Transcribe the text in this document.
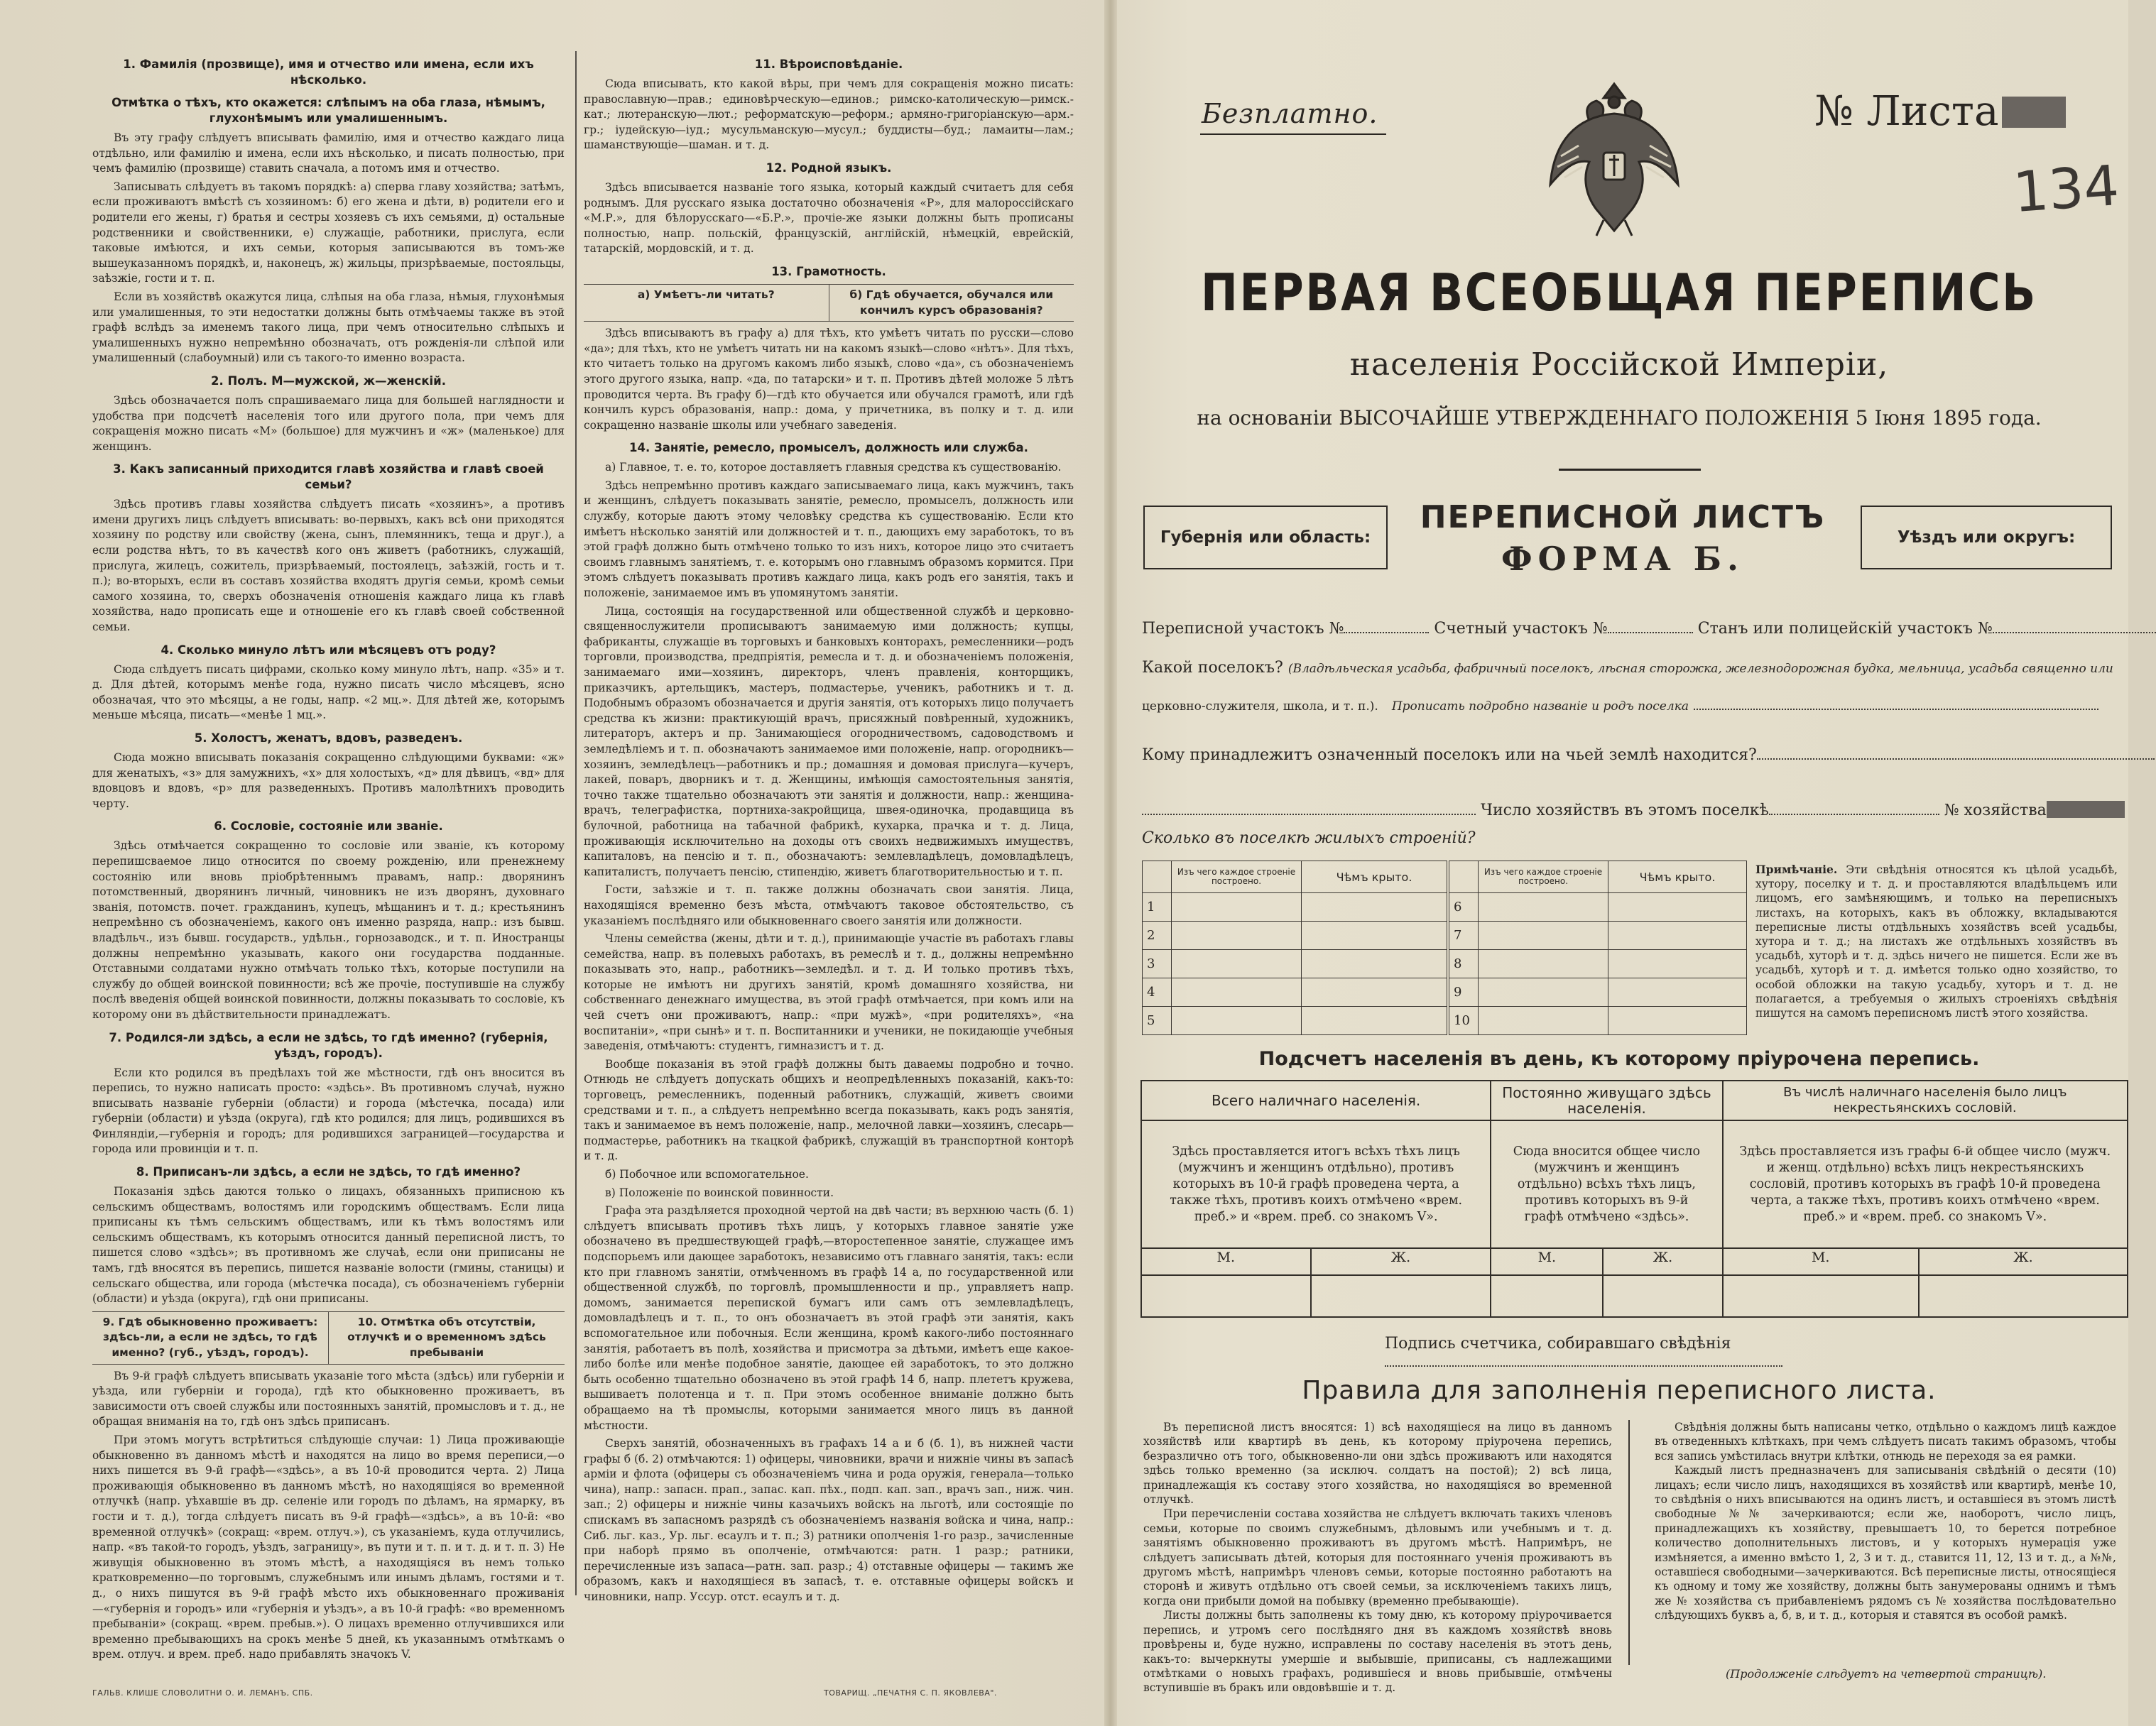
1. Фамилія (прозвище), имя и отчество или имена, если ихъ нѣсколько.
Отмѣтка о тѣхъ, кто окажется: слѣпымъ на оба глаза, нѣмымъ, глухонѣмымъ или умалишеннымъ.

Въ эту графу слѣдуетъ вписывать фамилію, имя и отчество каждаго лица отдѣльно, или фамилію и имена, если ихъ нѣсколько, и писать полностью, при чемъ фамилію (прозвище) ставить сначала, а потомъ имя и отчество.

Записывать слѣдуетъ въ такомъ порядкѣ: а) сперва главу хозяйства; затѣмъ, если проживаютъ вмѣстѣ съ хозяиномъ: б) его жена и дѣти, в) родители его и родители его жены, г) братья и сестры хозяевъ съ ихъ семьями, д) остальные родственники и свойственники, е) служащіе, работники, прислуга, если таковые имѣются, и ихъ семьи, которыя записываются въ томъ-же вышеуказанномъ порядкѣ, и, наконецъ, ж) жильцы, призрѣваемые, постояльцы, заѣзжіе, гости и т. п.

Если въ хозяйствѣ окажутся лица, слѣпыя на оба глаза, нѣмыя, глухонѣмыя или умалишенныя, то эти недостатки должны быть отмѣчаемы также въ этой графѣ вслѣдъ за именемъ такого лица, при чемъ относительно слѣпыхъ и умалишенныхъ нужно непремѣнно обозначать, отъ рожденія-ли слѣпой или умалишенный (слабоумный) или съ такого-то именно возраста.

2. Полъ. М—мужской, ж—женскій.

Здѣсь обозначается полъ спрашиваемаго лица для большей наглядности и удобства при подсчетѣ населенія того или другого пола, при чемъ для сокращенія можно писать «М» (большое) для мужчинъ и «ж» (маленькое) для женщинъ.

3. Какъ записанный приходится главѣ хозяйства и главѣ своей семьи?

Здѣсь противъ главы хозяйства слѣдуетъ писать «хозяинъ», а противъ имени другихъ лицъ слѣдуетъ вписывать: во-первыхъ, какъ всѣ они приходятся хозяину по родству или свойству (жена, сынъ, племянникъ, теща и друг.), а если родства нѣтъ, то въ качествѣ кого онъ живетъ (работникъ, служащій, прислуга, жилецъ, сожитель, призрѣваемый, постоялецъ, заѣзжій, гость и т. п.); во-вторыхъ, если въ составъ хозяйства входятъ другія семьи, кромѣ семьи самого хозяина, то, сверхъ обозначенія отношенія каждаго лица къ главѣ хозяйства, надо прописать еще и отношеніе его къ главѣ своей собственной семьи.

4. Сколько минуло лѣтъ или мѣсяцевъ отъ роду?

Сюда слѣдуетъ писать цифрами, сколько кому минуло лѣтъ, напр. «35» и т. д. Для дѣтей, которымъ менѣе года, нужно писать число мѣсяцевъ, ясно обозначая, что это мѣсяцы, а не годы, напр. «2 мц.». Для дѣтей же, которымъ меньше мѣсяца, писать—«менѣе 1 мц.».

5. Холостъ, женатъ, вдовъ, разведенъ.

Сюда можно вписывать показанія сокращенно слѣдующими буквами: «ж» для женатыхъ, «з» для замужнихъ, «х» для холостыхъ, «д» для дѣвицъ, «вд» для вдовцовъ и вдовъ, «р» для разведенныхъ. Противъ малолѣтнихъ проводить черту.

6. Сословіе, состояніе или званіе.

Здѣсь отмѣчается сокращенно то сословіе или званіе, къ которому перепишсваемое лицо относится по своему рожденію, или пренежнему состоянію или вновь пріобрѣтеннымъ правамъ, напр.: дворянинъ потомственный, дворянинъ личный, чиновникъ не изъ дворянъ, духовнаго званія, потомств. почет. гражданинъ, купецъ, мѣщанинъ и т. д.; крестьянинъ непремѣнно съ обозначеніемъ, какого онъ именно разряда, напр.: изъ бывш. владѣльч., изъ бывш. государств., удѣльн., горнозаводск., и т. п. Иностранцы должны непремѣнно указывать, какого они государства подданные. Отставными солдатами нужно отмѣчать только тѣхъ, которые поступили на службу до общей воинской повинности; всѣ же прочіе, поступившіе на службу послѣ введенія общей воинской повинности, должны показывать то сословіе, къ которому они въ дѣйствительности принадлежатъ.

7. Родился-ли здѣсь, а если не здѣсь, то гдѣ именно? (губернія, уѣздъ, городъ).

Если кто родился въ предѣлахъ той же мѣстности, гдѣ онъ вносится въ перепись, то нужно написать просто: «здѣсь». Въ противномъ случаѣ, нужно вписывать названіе губерніи (области) и города (мѣстечка, посада) или губерніи (области) и уѣзда (округа), гдѣ кто родился; для лицъ, родившихся въ Финляндіи,—губернія и городъ; для родившихся заграницей—государства и города или провинціи и т. п.

8. Приписанъ-ли здѣсь, а если не здѣсь, то гдѣ именно?

Показанія здѣсь даются только о лицахъ, обязанныхъ приписною къ сельскимъ обществамъ, волостямъ или городскимъ обществамъ. Если лица приписаны къ тѣмъ сельскимъ обществамъ, или къ тѣмъ волостямъ или сельскимъ обществамъ, къ которымъ относится данный переписной листъ, то пишется слово «здѣсь»; въ противномъ же случаѣ, если они приписаны не тамъ, гдѣ вносятся въ перепись, пишется названіе волости (гмины, станицы) и сельскаго общества, или города (мѣстечка посада), съ обозначеніемъ губерніи (области) и уѣзда (округа), гдѣ они приписаны.

9. Гдѣ обыкновенно проживаетъ: здѣсь-ли, а если не здѣсь, то гдѣ именно? (губ., уѣздъ, городъ).
10. Отмѣтка объ отсутствіи, отлучкѣ и о временномъ здѣсь пребываніи

Въ 9-й графѣ слѣдуетъ вписывать указаніе того мѣста (здѣсь) или губерніи и уѣзда, или губерніи и города), гдѣ кто обыкновенно проживаетъ, въ зависимости отъ своей службы или постоянныхъ занятій, промысловъ и т. д., не обращая вниманія на то, гдѣ онъ здѣсь приписанъ.

При этомъ могутъ встрѣтиться слѣдующіе случаи: 1) Лица проживающіе обыкновенно въ данномъ мѣстѣ и находятся на лицо во время переписи,—о нихъ пишется въ 9-й графѣ—«здѣсь», а въ 10-й проводится черта. 2) Лица проживающія обыкновенно въ данномъ мѣстѣ, но находящіяся во временной отлучкѣ (напр. уѣхавшіе въ др. селеніе или городъ по дѣламъ, на ярмарку, въ гости и т. д.), тогда слѣдуетъ писать въ 9-й графѣ—«здѣсь», а въ 10-й: «во временной отлучкѣ» (сокращ: «врем. отлуч.»), съ указаніемъ, куда отлучились, напр. «въ такой-то городъ, уѣздъ, заграницу», въ пути и т. п. и т. д. и т. п. 3) Не живущія обыкновенно въ этомъ мѣстѣ, а находящіяся въ немъ только кратковременно—по торговымъ, служебнымъ или инымъ дѣламъ, гостями и т. д., о нихъ пишутся въ 9-й графѣ мѣсто ихъ обыкновеннаго проживанія—«губернія и городъ» или «губернія и уѣздъ», а въ 10-й графѣ: «во временномъ пребываніи» (сокращ. «врем. пребыв.»). О лицахъ временно отлучившихся или временно пребывающихъ на срокъ менѣе 5 дней, къ указаннымъ отмѣткамъ о врем. отлуч. и врем. преб. надо прибавлять значокъ V.

11. Вѣроисповѣданіе.

Сюда вписывать, кто какой вѣры, при чемъ для сокращенія можно писать: православную—прав.; единовѣрческую—единов.; римско-католическую—римск.-кат.; лютеранскую—лют.; реформатскую—реформ.; армяно-григоріанскую—арм.-гр.; іудейскую—іуд.; мусульманскую—мусул.; буддисты—буд.; ламаиты—лам.; шаманствующіе—шаман. и т. д.

12. Родной языкъ.

Здѣсь вписывается названіе того языка, который каждый считаетъ для себя роднымъ. Для русскаго языка достаточно обозначенія «Р», для малороссійскаго «М.Р.», для бѣлорусскаго—«Б.Р.», прочіе-же языки должны быть прописаны полностью, напр. польскій, французскій, англійскій, нѣмецкій, еврейскій, татарскій, мордовскій, и т. д.

13. Грамотность.
а) Умѣетъ-ли читать?	б) Гдѣ обучается, обучался или кончилъ курсъ образованія?

Здѣсь вписываютъ въ графу а) для тѣхъ, кто умѣетъ читать по русски—слово «да»; для тѣхъ, кто не умѣетъ читать ни на какомъ языкѣ—слово «нѣтъ». Для тѣхъ, кто читаетъ только на другомъ какомъ либо языкѣ, слово «да», съ обозначеніемъ этого другого языка, напр. «да, по татарски» и т. п. Противъ дѣтей моложе 5 лѣтъ проводится черта. Въ графу б)—гдѣ кто обучается или обучался грамотѣ, или гдѣ кончилъ курсъ образованія, напр.: дома, у причетника, въ полку и т. д. или сокращенно названіе школы или учебнаго заведенія.

14. Занятіе, ремесло, промыселъ, должность или служба.

а) Главное, т. е. то, которое доставляетъ главныя средства къ существованію.

Здѣсь непремѣнно противъ каждаго записываемаго лица, какъ мужчинъ, такъ и женщинъ, слѣдуетъ показывать занятіе, ремесло, промыселъ, должность или службу, которые даютъ этому человѣку средства къ существованію. Если кто имѣетъ нѣсколько занятій или должностей и т. п., дающихъ ему заработокъ, то въ этой графѣ должно быть отмѣчено только то изъ нихъ, которое лицо это считаетъ своимъ главнымъ занятіемъ, т. е. которымъ оно главнымъ образомъ кормится. При этомъ слѣдуетъ показывать противъ каждаго лица, какъ родъ его занятія, такъ и положеніе, занимаемое имъ въ упомянутомъ занятіи.

Лица, состоящія на государственной или общественной службѣ и церковно-священнослужители прописываютъ занимаемую ими должность; купцы, фабриканты, служащіе въ торговыхъ и банковыхъ конторахъ, ремесленники—родъ торговли, производства, предпріятія, ремесла и т. д. и обозначеніемъ положенія, занимаемаго ими—хозяинъ, директоръ, членъ правленія, конторщикъ, приказчикъ, артельщикъ, мастеръ, подмастерье, ученикъ, работникъ и т. д. Подобнымъ образомъ обозначается и другія занятія, отъ которыхъ лицо получаетъ средства къ жизни: практикующій врачъ, присяжный повѣренный, художникъ, литераторъ, актеръ и пр. Занимающіеся огородничествомъ, садоводствомъ и земледѣліемъ и т. п. обозначаютъ занимаемое ими положеніе, напр. огородникъ—хозяинъ, земледѣлецъ—работникъ и пр.; домашняя и домовая прислуга—кучеръ, лакей, поваръ, дворникъ и т. д. Женщины, имѣющія самостоятельныя занятія, точно также тщательно обозначаютъ эти занятія и должности, напр.: женщина-врачъ, телеграфистка, портниха-закройщица, швея-одиночка, продавщица въ булочной, работница на табачной фабрикѣ, кухарка, прачка и т. д. Лица, проживающія исключительно на доходы отъ своихъ недвижимыхъ имуществъ, капиталовъ, на пенсію и т. п., обозначаютъ: землевладѣлецъ, домовладѣлецъ, капиталистъ, получаетъ пенсію, стипендію, живетъ благотворительностью и т. п.

Гости, заѣзжіе и т. п. также должны обозначать свои занятія. Лица, находящіяся временно безъ мѣста, отмѣчаютъ таковое обстоятельство, съ указаніемъ послѣдняго или обыкновеннаго своего занятія или должности.

Члены семейства (жены, дѣти и т. д.), принимающіе участіе въ работахъ главы семейства, напр. въ полевыхъ работахъ, въ ремеслѣ и т. д., должны непремѣнно показывать это, напр., работникъ—земледѣл. и т. д. И только противъ тѣхъ, которые не имѣютъ ни другихъ занятій, кромѣ домашняго хозяйства, ни собственнаго денежнаго имущества, въ этой графѣ отмѣчается, при комъ или на чей счетъ они проживаютъ, напр.: «при мужѣ», «при родителяхъ», «на воспитаніи», «при сынѣ» и т. п. Воспитанники и ученики, не покидающіе учебныя заведенія, отмѣчаютъ: студентъ, гимназистъ и т. д.

Вообще показанія въ этой графѣ должны быть даваемы подробно и точно. Отнюдь не слѣдуетъ допускать общихъ и неопредѣленныхъ показаній, какъ-то: торговецъ, ремесленникъ, поденный работникъ, служащій, живетъ своими средствами и т. п., а слѣдуетъ непремѣнно всегда показывать, какъ родъ занятія, такъ и занимаемое въ немъ положеніе, напр., мелочной лавки—хозяинъ, слесарь—подмастерье, работникъ на ткацкой фабрикѣ, служащій въ транспортной конторѣ и т. д.

б) Побочное или вспомогательное.

в) Положеніе по воинской повинности.

Графа эта раздѣляется проходной чертой на двѣ части; въ верхнюю часть (б. 1) слѣдуетъ вписывать противъ тѣхъ лицъ, у которыхъ главное занятіе уже обозначено въ предшествующей графѣ,—второстепенное занятіе, служащее имъ подспорьемъ или дающее заработокъ, независимо отъ главнаго занятія, такъ: если кто при главномъ занятіи, отмѣченномъ въ графѣ 14 а, по государственной или общественной службѣ, по торговлѣ, промышленности и пр., управляетъ напр. домомъ, занимается перепиской бумагъ или самъ отъ землевладѣлецъ, домовладѣлецъ и т. п., то онъ обозначаетъ въ этой графѣ эти занятія, какъ вспомогательное или побочныя. Если женщина, кромѣ какого-либо постояннаго занятія, работаетъ въ полѣ, хозяйства и присмотра за дѣтьми, имѣетъ еще какое-либо болѣе или менѣе подобное занятіе, дающее ей заработокъ, то это должно быть особенно тщательно обозначено въ этой графѣ 14 б, напр. плететъ кружева, вышиваетъ полотенца и т. п. При этомъ особенное вниманіе должно быть обращаемо на тѣ промыслы, которыми занимается много лицъ въ данной мѣстности.

Сверхъ занятій, обозначенныхъ въ графахъ 14 а и б (б. 1), въ нижней части графы б (б. 2) отмѣчаются: 1) офицеры, чиновники, врачи и нижніе чины въ запасѣ арміи и флота (офицеры съ обозначеніемъ чина и рода оружія, генерала—только чина), напр.: запасн. прап., запас. кап. пѣх., подп. кап. зап., врачъ зап., ниж. чин. зап.; 2) офицеры и нижніе чины казачьихъ войскъ на льготѣ, или состоящіе по спискамъ въ запасномъ разрядѣ съ обозначеніемъ названія войска и чина, напр.: Сиб. льг. каз., Ур. льг. есаулъ и т. п.; 3) ратники ополченія 1-го разр., зачисленные при наборѣ прямо въ ополченіе, отмѣчаются: ратн. 1 разр.; ратники, перечисленные изъ запаса—ратн. зап. разр.; 4) отставные офицеры — такимъ же образомъ, какъ и находящіеся въ запасѣ, т. е. отставные офицеры войскъ и чиновники, напр. Уссур. отст. есаулъ и т. д.

ГАЛЬВ. КЛИШЕ СЛОВОЛИТНИ О. И. ЛЕМАНЪ, СПБ.	ТОВАРИЩ. „ПЕЧАТНЯ С. П. ЯКОВЛЕВА".
Безплатно.	№ Листа
134
ПЕРВАЯ ВСЕОБЩАЯ ПЕРЕПИСЬ
населенія Россійской Имперіи,
на основаніи ВЫСОЧАЙШЕ УТВЕРЖДЕННАГО ПОЛОЖЕНІЯ 5 Іюня 1895 года.
Губернія или область:
ПЕРЕПИСНОЙ ЛИСТЪ
ФОРМА Б.
Уѣздъ или округъ:
Переписной участокъ №	Счетный участокъ №	Станъ или полицейскій участокъ №
Какой поселокъ? (Владѣльческая усадьба, фабричный поселокъ, лѣсная сторожка, железнодорожная будка, мельница, усадьба священно или
церковно-служителя, школа, и т. п.). Прописать подробно названіе и родъ поселка
Кому принадлежитъ означенный поселокъ или на чьей землѣ находится?
Число хозяйствъ въ этомъ поселкѣ	№ хозяйства
Сколько въ поселкѣ жилыхъ строеній?
	Изъ чего каждое строеніе построено.	Чѣмъ крыто.
1		
2		
3		
4		
5		
	Изъ чего каждое строеніе построено.	Чѣмъ крыто.
6		
7		
8		
9		
10		
Примѣчаніе. Эти свѣдѣнія относятся къ цѣлой усадьбѣ, хутору, поселку и т. д. и проставляются владѣльцемъ или лицомъ, его замѣняющимъ, и только на переписныхъ листахъ, на которыхъ, какъ въ обложку, вкладываются переписные листы отдѣльныхъ хозяйствъ всей усадьбы, хутора и т. д.; на листахъ же отдѣльныхъ хозяйствъ въ усадьбѣ, хуторѣ и т. д. здѣсь ничего не пишется. Если же въ усадьбѣ, хуторѣ и т. д. имѣется только одно хозяйство, то особой обложки на такую усадьбу, хуторъ и т. д. не полагается, а требуемыя о жилыхъ строеніяхъ свѣдѣнія пишутся на самомъ переписномъ листѣ этого хозяйства.
Подсчетъ населенія въ день, къ которому пріурочена перепись.
Всего наличнаго населенія.		Постоянно живущаго здѣсь населенія.		Въ числѣ наличнаго населенія было лицъ некрестьянскихъ сословій.	
Здѣсь проставляется итогъ всѣхъ тѣхъ лицъ (мужчинъ и женщинъ отдѣльно), противъ которыхъ въ 10-й графѣ проведена черта, а также тѣхъ, противъ коихъ отмѣчено «врем. преб.» и «врем. преб. со знакомъ V».		Сюда вносится общее число (мужчинъ и женщинъ отдѣльно) всѣхъ тѣхъ лицъ, противъ которыхъ въ 9-й графѣ отмѣчено «здѣсь».		Здѣсь проставляется изъ графы 6-й общее число (мужч. и женщ. отдѣльно) всѣхъ лицъ некрестьянскихъ сословій, противъ которыхъ въ графѣ 10-й проведена черта, а также тѣхъ, противъ коихъ отмѣчено «врем. преб.» и «врем. преб. со знакомъ V».	
М.	Ж.	М.	Ж.	М.	Ж.

Подпись счетчика, собиравшаго свѣдѣнія
Правила для заполненія переписного листа.

Въ переписной листъ вносятся: 1) всѣ находящіеся на лицо въ данномъ хозяйствѣ или квартирѣ въ день, къ которому пріурочена перепись, безразлично отъ того, обыкновенно-ли они здѣсь проживаютъ или находятся здѣсь только временно (за исключ. солдатъ на постой); 2) всѣ лица, принадлежащія къ составу этого хозяйства, но находящіяся во временной отлучкѣ.

При перечисленіи состава хозяйства не слѣдуетъ включать такихъ членовъ семьи, которые по своимъ служебнымъ, дѣловымъ или учебнымъ и т. д. занятіямъ обыкновенно проживаютъ въ другомъ мѣстѣ. Напримѣръ, не слѣдуетъ записывать дѣтей, которыя для постояннаго ученія проживаютъ въ другомъ мѣстѣ, напримѣръ членовъ семьи, которые постоянно работаютъ на сторонѣ и живутъ отдѣльно отъ своей семьи, за исключеніемъ такихъ лицъ, когда они прибыли домой на побывку (временно пребывающіе).

Листы должны быть заполнены къ тому дню, къ которому пріурочивается перепись, и утромъ сего послѣдняго дня въ каждомъ хозяйствѣ вновь провѣрены и, буде нужно, исправлены по составу населенія въ этотъ день, какъ-то: вычеркнуты умершіе и выбывшіе, приписаны, съ надлежащими отмѣтками о новыхъ графахъ, родившіеся и вновь прибывшіе, отмѣчены вступившіе въ бракъ или овдовѣвшіе и т. д.

Свѣдѣнія должны быть написаны четко, отдѣльно о каждомъ лицѣ каждое въ отведенныхъ клѣткахъ, при чемъ слѣдуетъ писать такимъ образомъ, чтобы вся запись умѣстилась внутри клѣтки, отнюдь не переходя за ея рамки.

Каждый листъ предназначенъ для записыванія свѣдѣній о десяти (10) лицахъ; если число лицъ, находящихся въ хозяйствѣ или квартирѣ, менѣе 10, то свѣдѣнія о нихъ вписываются на одинъ листъ, и оставшіеся въ этомъ листѣ свободные №№ зачеркиваются; если же, наоборотъ, число лицъ, принадлежащихъ къ хозяйству, превышаетъ 10, то берется потребное количество дополнительныхъ листовъ, и у которыхъ нумерація уже измѣняется, а именно вмѣсто 1, 2, 3 и т. д., ставится 11, 12, 13 и т. д., а №№, оставшіеся свободными—зачеркиваются. Всѣ переписные листы, относящіеся къ одному и тому же хозяйству, должны быть занумерованы однимъ и тѣмъ же № хозяйства съ прибавленіемъ рядомъ съ № хозяйства послѣдовательно слѣдующихъ буквъ а, б, в, и т. д., которыя и ставятся въ особой рамкѣ.

(Продолженіе слѣдуетъ на четвертой страницѣ).
